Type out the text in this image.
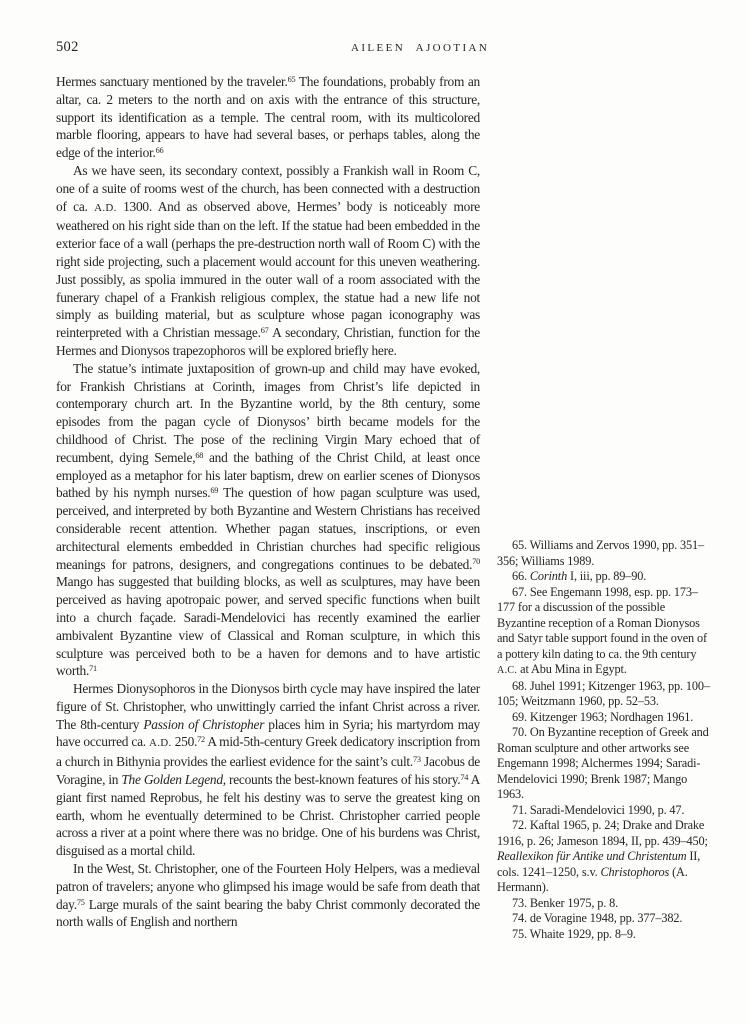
502	AILEEN AJOOTIAN

Hermes sanctuary mentioned by the traveler.$^{65}$ The foundations, probably from an altar, ca. 2 meters to the north and on axis with the entrance of this structure, support its identification as a temple. The central room, with its multicolored marble flooring, appears to have had several bases, or perhaps tables, along the edge of the interior.$^{66}$

As we have seen, its secondary context, possibly a Frankish wall in Room C, one of a suite of rooms west of the church, has been connected with a destruction of ca. A.D. 1300. And as observed above, Hermes’ body is noticeably more weathered on his right side than on the left. If the statue had been embedded in the exterior face of a wall (perhaps the pre-destruction north wall of Room C) with the right side projecting, such a placement would account for this uneven weathering. Just possibly, as spolia immured in the outer wall of a room associated with the funerary chapel of a Frankish religious complex, the statue had a new life not simply as building material, but as sculpture whose pagan iconography was reinterpreted with a Christian message.$^{67}$ A secondary, Christian, function for the Hermes and Dionysos trapezophoros will be explored briefly here.

The statue’s intimate juxtaposition of grown-up and child may have evoked, for Frankish Christians at Corinth, images from Christ’s life depicted in contemporary church art. In the Byzantine world, by the 8th century, some episodes from the pagan cycle of Dionysos’ birth became models for the childhood of Christ. The pose of the reclining Virgin Mary echoed that of recumbent, dying Semele,$^{68}$ and the bathing of the Christ Child, at least once employed as a metaphor for his later baptism, drew on earlier scenes of Dionysos bathed by his nymph nurses.$^{69}$ The question of how pagan sculpture was used, perceived, and interpreted by both Byzantine and Western Christians has received considerable recent attention. Whether pagan statues, inscriptions, or even architectural elements embedded in Christian churches had specific religious meanings for patrons, designers, and congregations continues to be debated.$^{70}$ Mango has suggested that building blocks, as well as sculptures, may have been perceived as having apotropaic power, and served specific functions when built into a church façade. Saradi-Mendelovici has recently examined the earlier ambivalent Byzantine view of Classical and Roman sculpture, in which this sculpture was perceived both to be a haven for demons and to have artistic worth.$^{71}$

Hermes Dionysophoros in the Dionysos birth cycle may have inspired the later figure of St. Christopher, who unwittingly carried the infant Christ across a river. The 8th-century Passion of Christopher places him in Syria; his martyrdom may have occurred ca. A.D. 250.72 A mid-5th-century Greek dedicatory inscription from a church in Bithynia provides the earliest evidence for the saint’s cult.$^{73}$ Jacobus de Voragine, in The Golden Legend, recounts the best-known features of his story.$^{74}$ A giant first named Reprobus, he felt his destiny was to serve the greatest king on earth, whom he eventually determined to be Christ. Christopher carried people across a river at a point where there was no bridge. One of his burdens was Christ, disguised as a mortal child.

In the West, St. Christopher, one of the Fourteen Holy Helpers, was a medieval patron of travelers; anyone who glimpsed his image would be safe from death that day.$^{75}$ Large murals of the saint bearing the baby Christ commonly decorated the north walls of English and northern

65. Williams and Zervos 1990, pp. 351–356; Williams 1989.

66. Corinth I, iii, pp. 89–90.

67. See Engemann 1998, esp. pp. 173–177 for a discussion of the possible Byzantine reception of a Roman Dionysos and Satyr table support found in the oven of a pottery kiln dating to ca. the 9th century A.C. at Abu Mina in Egypt.

68. Juhel 1991; Kitzenger 1963, pp. 100–105; Weitzmann 1960, pp. 52–53.

69. Kitzenger 1963; Nordhagen 1961.

70. On Byzantine reception of Greek and Roman sculpture and other artworks see Engemann 1998; Alchermes 1994; Saradi-Mendelovici 1990; Brenk 1987; Mango 1963.

71. Saradi-Mendelovici 1990, p. 47.

72. Kaftal 1965, p. 24; Drake and Drake 1916, p. 26; Jameson 1894, II, pp. 439–450; Reallexikon für Antike und Christentum II, cols. 1241–1250, s.v. Christophoros (A. Hermann).

73. Benker 1975, p. 8.

74. de Voragine 1948, pp. 377–382.

75. Whaite 1929, pp. 8–9.
